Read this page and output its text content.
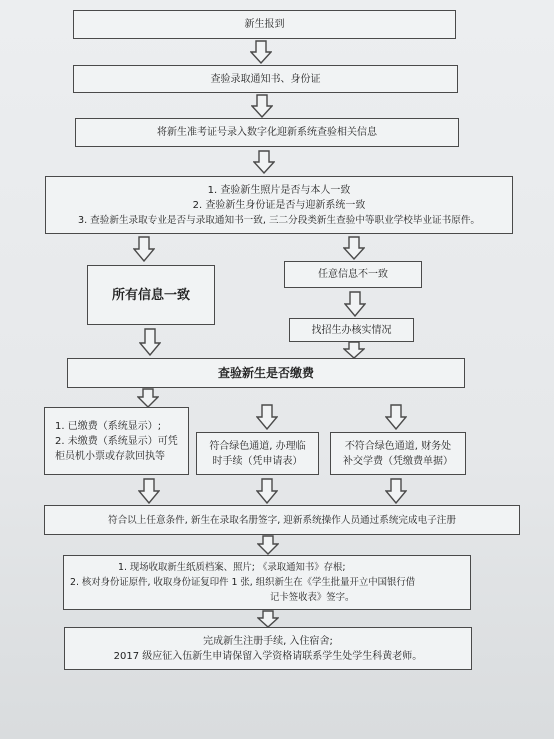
新生报到
查验录取通知书、身份证
将新生准考证号录入数字化迎新系统查验相关信息
1. 查验新生照片是否与本人一致
2. 查验新生身份证是否与迎新系统一致
3. 查验新生录取专业是否与录取通知书一致, 三二分段类新生查验中等职业学校毕业证书原件。
所有信息一致
任意信息不一致
找招生办核实情况
查验新生是否缴费
1. 已缴费（系统显示）;
2. 未缴费（系统显示）可凭
柜员机小票或存款回执等
符合绿色通道, 办理临
时手续（凭申请表）
不符合绿色通道, 财务处
补交学费（凭缴费单据）
符合以上任意条件, 新生在录取名册签字, 迎新系统操作人员通过系统完成电子注册
1. 现场收取新生纸质档案、照片; 《录取通知书》存根;
2. 核对身份证原件, 收取身份证复印件 1 张, 组织新生在《学生批量开立中国银行借
记卡签收表》签字。
完成新生注册手续, 入住宿舍;
2017 级应征入伍新生申请保留入学资格请联系学生处学生科黄老师。
